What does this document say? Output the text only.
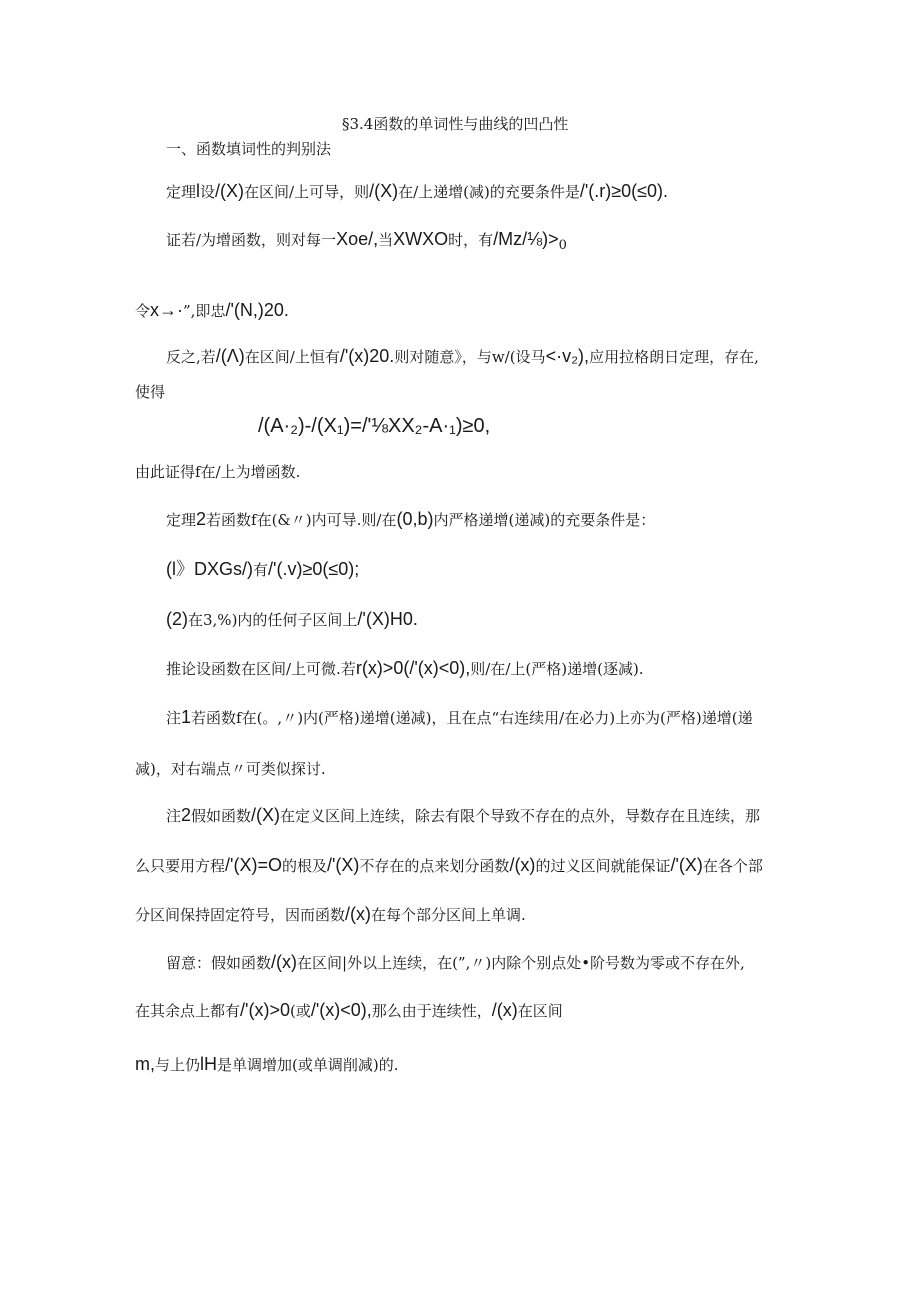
§3.4函数的单词性与曲线的凹凸性
一、函数填词性的判别法
定理l设/(X)在区间/上可导，则/(X)在/上递增(减)的充要条件是/'(.r)≥0(≤0).
证若/为增函数，则对每一Xoe/,当XWXO时，有/Mz/⅛)>0
令x→·”,即忠/'(N,)20.
反之,若/(Λ)在区间/上恒有/'(x)20.则对随意》，与w/(设马<·v₂),应用拉格朗日定理，存在,
使得
/(A·₂)-/(X₁)=/'⅛XX₂-A·₁)≥0,
由此证得f在/上为增函数.
定理2若函数f在(&〃)内可导.则/在(0,b)内严格递增(递减)的充要条件是：
(l》DXGs/)有/'(.v)≥0(≤0);
(2)在3,%)内的任何子区间上/'(X)H0.
推论设函数在区间/上可微.若r(x)>0(/'(x)<0),则/在/上(严格)递增(逐减).
注1若函数f在(。,〃)内(严格)递增(递减)，且在点“右连续用/在必力)上亦为(严格)递增(递
减)，对右端点〃可类似探讨.
注2假如函数/(X)在定义区间上连续，除去有限个导致不存在的点外，导数存在且连续，那
么只要用方程/'(X)=O的根及/'(X)不存在的点来划分函数/(x)的过义区间就能保证/'(X)在各个部
分区间保持固定符号，因而函数/(x)在每个部分区间上单调.
留意：假如函数/(x)在区间|外以上连续，在(”,〃)内除个别点处•阶号数为零或不存在外,
在其余点上都有/'(x)>0(或/'(x)<0),那么由于连续性，/(x)在区间
m,与上仍lH是单调增加(或单调削减)的.
